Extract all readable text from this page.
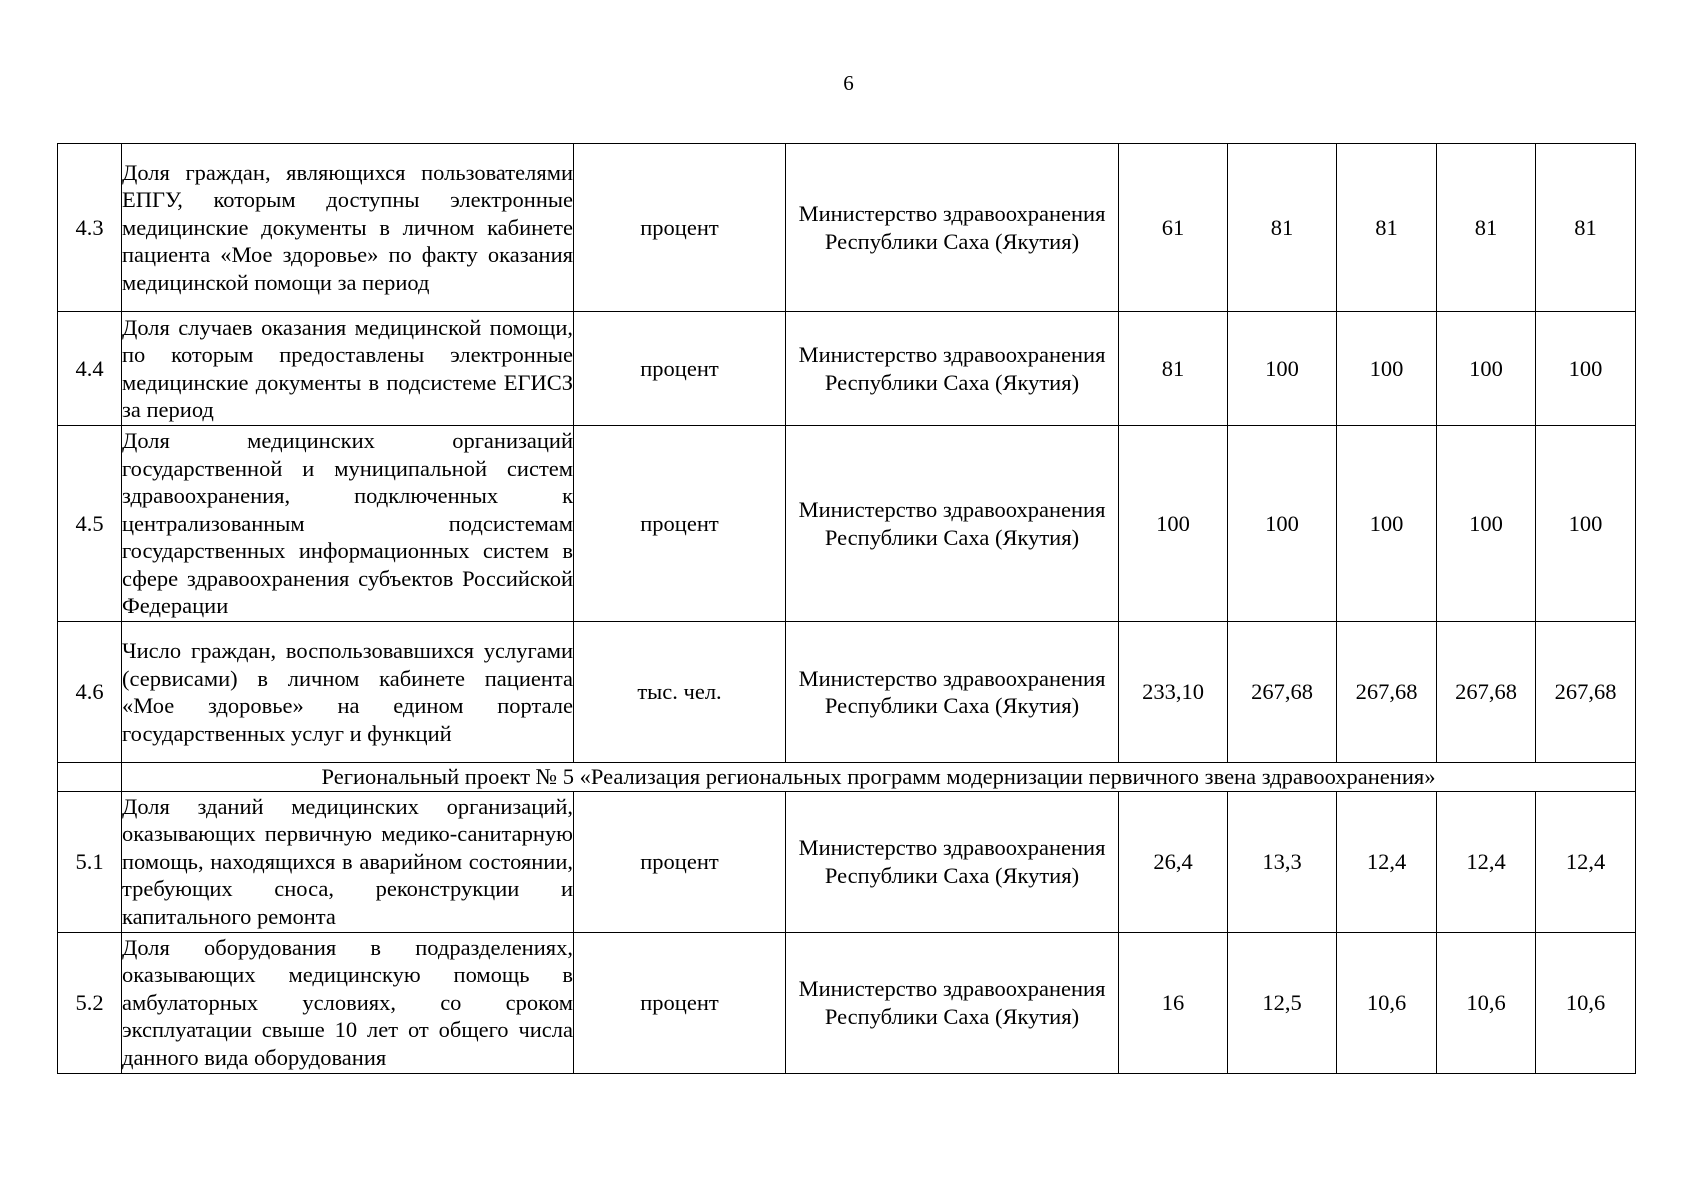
6
4.3	Доля граждан, являющихся пользователями ЕПГУ, которым доступны электронные медицинские документы в личном кабинете пациента «Мое здоровье» по факту оказания медицинской помощи за период	процент	Министерство здравоохранения Республики Саха (Якутия)	61	81	81	81	81
4.4	Доля случаев оказания медицинской помощи, по которым предоставлены электронные медицинские документы в подсистеме ЕГИСЗ за период	процент	Министерство здравоохранения Республики Саха (Якутия)	81	100	100	100	100
4.5	Доля медицинских организаций государственной и муниципальной систем здравоохранения, подключенных к централизованным подсистемам государственных информационных систем в сфере здравоохранения субъектов Российской Федерации	процент	Министерство здравоохранения Республики Саха (Якутия)	100	100	100	100	100
4.6	Число граждан, воспользовавшихся услугами (сервисами) в личном кабинете пациента «Мое здоровье» на едином портале государственных услуг и функций	тыс. чел.	Министерство здравоохранения Республики Саха (Якутия)	233,10	267,68	267,68	267,68	267,68
	Региональный проект № 5 «Реализация региональных программ модернизации первичного звена здравоохранения»							
5.1	Доля зданий медицинских организаций, оказывающих первичную медико-санитарную помощь, находящихся в аварийном состоянии, требующих сноса, реконструкции и капитального ремонта	процент	Министерство здравоохранения Республики Саха (Якутия)	26,4	13,3	12,4	12,4	12,4
5.2	Доля оборудования в подразделениях, оказывающих медицинскую помощь в амбулаторных условиях, со сроком эксплуатации свыше 10 лет от общего числа данного вида оборудования	процент	Министерство здравоохранения Республики Саха (Якутия)	16	12,5	10,6	10,6	10,6
